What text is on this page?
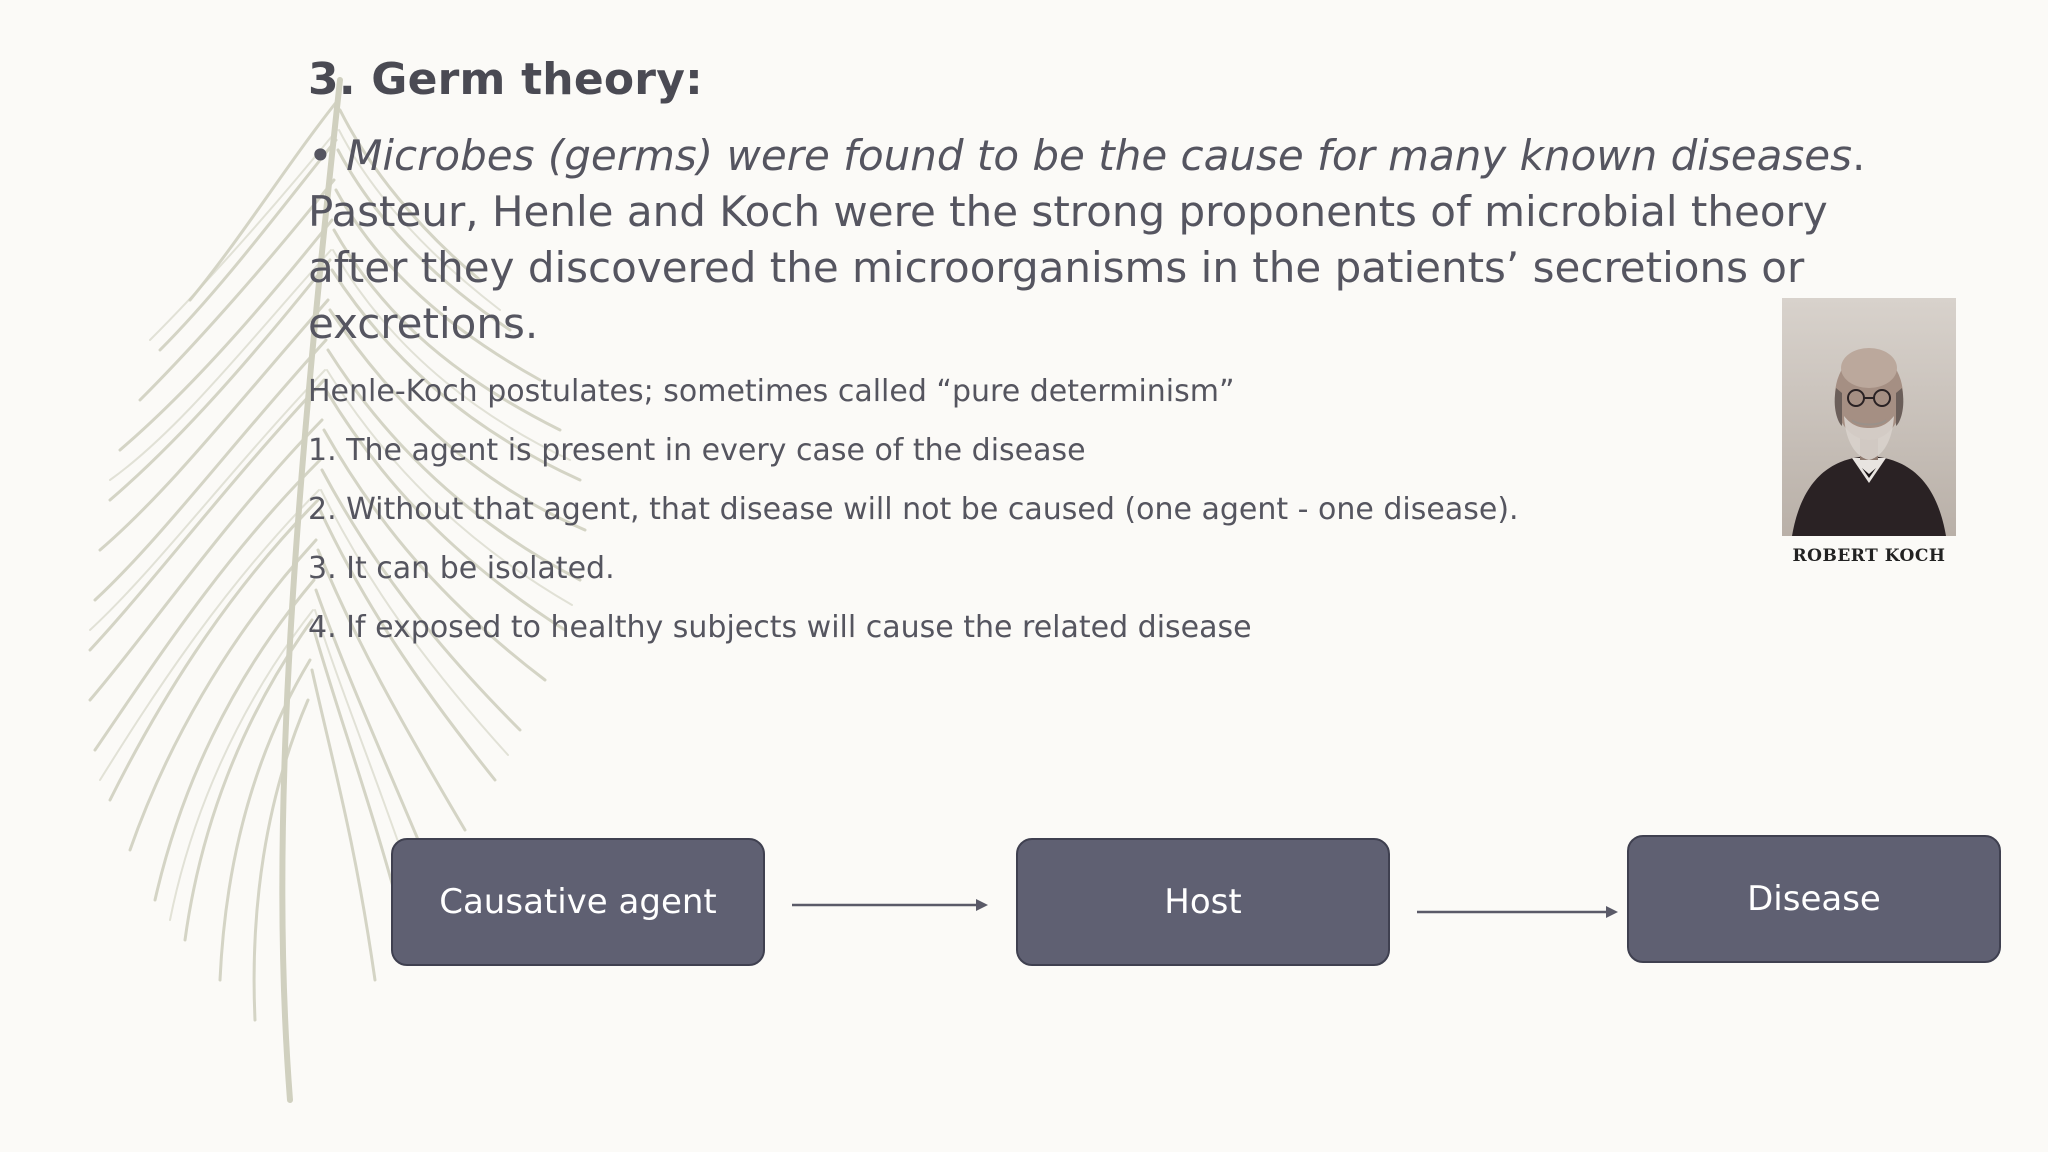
3. Germ theory:

• Microbes (germs) were found to be the cause for many known diseases. Pasteur, Henle and Koch were the strong proponents of microbial theory after they discovered the microorganisms in the patients’ secretions or excretions.

Henle-Koch postulates; sometimes called “pure determinism”
1. The agent is present in every case of the disease
2. Without that agent, that disease will not be caused (one agent - one disease).
3. It can be isolated.
4. If exposed to healthy subjects will cause the related disease
ROBERT KOCH
Causative agent	Host	Disease
